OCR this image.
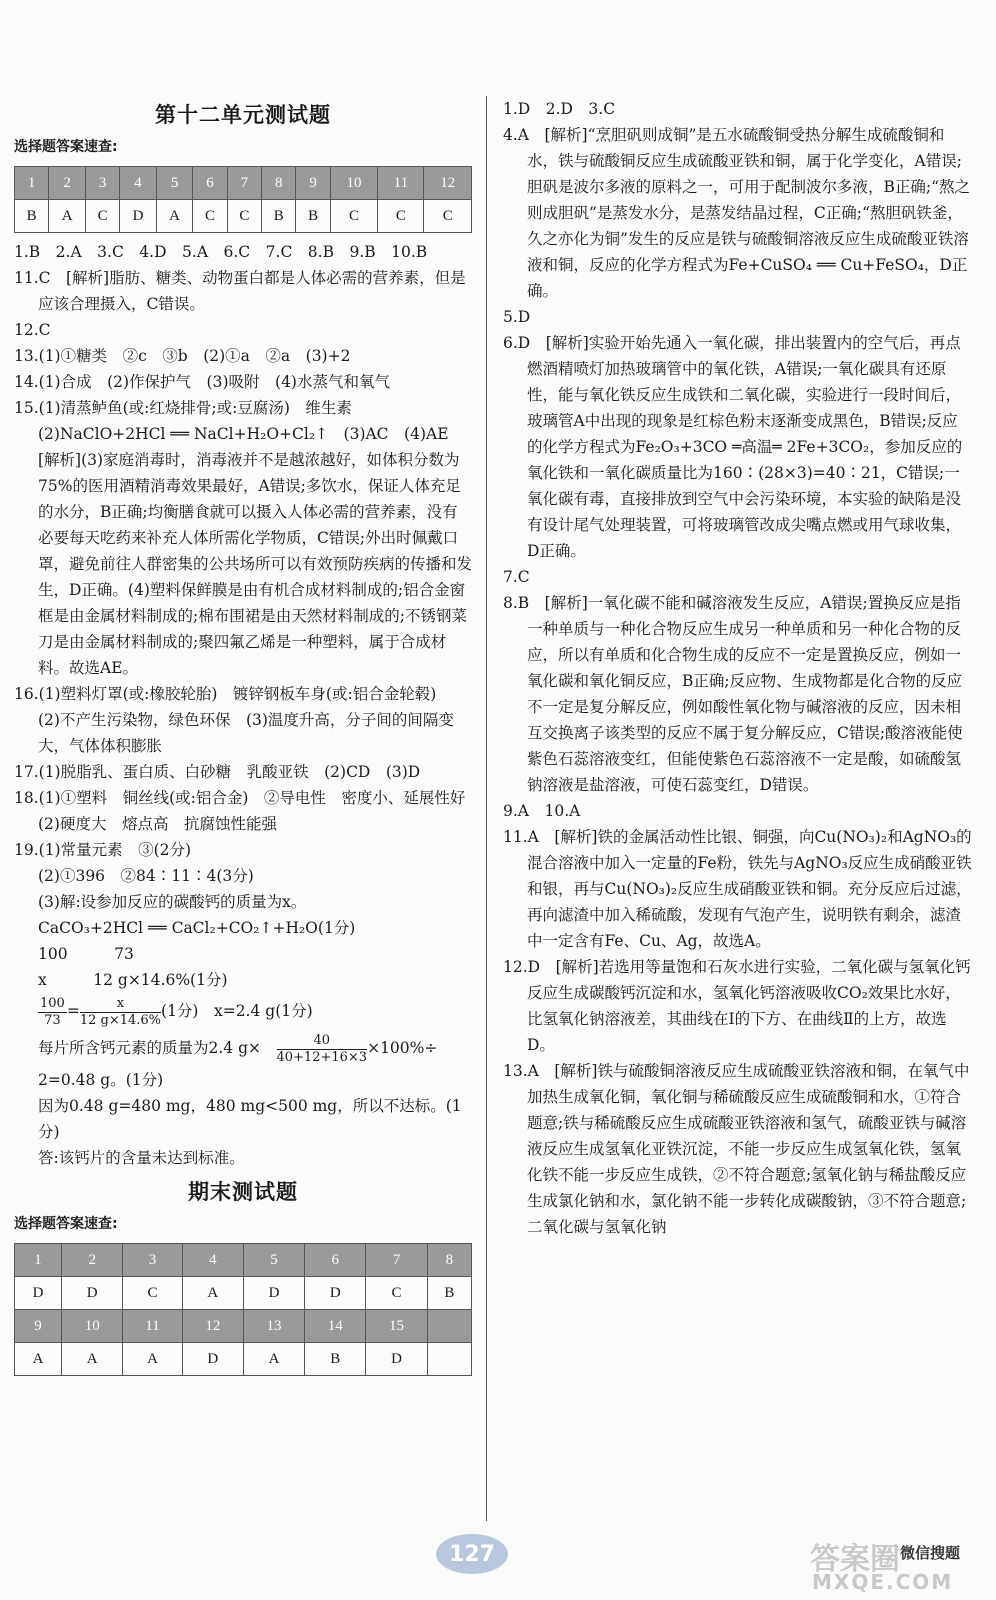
第十二单元测试题
选择题答案速查:
1	2	3	4	5	6	7	8	9	10	11	12
B	A	C	D	A	C	C	B	B	C	C	C

1.B　2.A　3.C　4.D　5.A　6.C　7.C　8.B　9.B　10.B

11.C　[解析]脂肪、糖类、动物蛋白都是人体必需的营养素，但是应该合理摄入，C错误。

12.C

13.(1)①糖类　②c　③b　(2)①a　②a　(3)+2

14.(1)合成　(2)作保护气　(3)吸附　(4)水蒸气和氧气

15.(1)清蒸鲈鱼(或:红烧排骨;或:豆腐汤)　维生素

(2)NaClO+2HCl ══ NaCl+H₂O+Cl₂↑　(3)AC　(4)AE

[解析](3)家庭消毒时，消毒液并不是越浓越好，如体积分数为75%的医用酒精消毒效果最好，A错误;多饮水，保证人体充足的水分，B正确;均衡膳食就可以摄入人体必需的营养素，没有必要每天吃药来补充人体所需化学物质，C错误;外出时佩戴口罩，避免前往人群密集的公共场所可以有效预防疾病的传播和发生，D正确。(4)塑料保鲜膜是由有机合成材料制成的;铝合金窗框是由金属材料制成的;棉布围裙是由天然材料制成的;不锈钢菜刀是由金属材料制成的;聚四氟乙烯是一种塑料，属于合成材料。故选AE。

16.(1)塑料灯罩(或:橡胶轮胎)　镀锌钢板车身(或:铝合金轮毂)　(2)不产生污染物，绿色环保　(3)温度升高，分子间的间隔变大，气体体积膨胀

17.(1)脱脂乳、蛋白质、白砂糖　乳酸亚铁　(2)CD　(3)D

18.(1)①塑料　铜丝线(或:铝合金)　②导电性　密度小、延展性好　(2)硬度大　熔点高　抗腐蚀性能强

19.(1)常量元素　③(2分)

(2)①396　②84∶11∶4(3分)

(3)解:设参加反应的碳酸钙的质量为x。

CaCO₃+2HCl ══ CaCl₂+CO₂↑+H₂O(1分)

100　　　73

x　　　12 g×14.6%(1分)

$\frac{100}{73} = \frac{x}{12 g\times 14.6\%} (1$分)　x=2.4 g(1分)

每片所含钙元素的质量为2.4 g×　 $\frac{40}{40+12+16\times 3} \times 100\%\div$

2=0.48 g。(1分)

因为0.48 g=480 mg，480 mg<500 mg，所以不达标。(1分)

答:该钙片的含量未达到标准。

期末测试题
选择题答案速查:
1	2	3	4	5	6	7	8
D	D	C	A	D	D	C	B
9	10	11	12	13	14	15	
A	A	A	D	A	B	D	

1.D　2.D　3.C

4.A　[解析]“烹胆矾则成铜”是五水硫酸铜受热分解生成硫酸铜和水，铁与硫酸铜反应生成硫酸亚铁和铜，属于化学变化，A错误;胆矾是波尔多液的原料之一，可用于配制波尔多液，B正确;“熬之则成胆矾”是蒸发水分，是蒸发结晶过程，C正确;“熬胆矾铁釜，久之亦化为铜”发生的反应是铁与硫酸铜溶液反应生成硫酸亚铁溶液和铜，反应的化学方程式为Fe+CuSO₄ ══ Cu+FeSO₄，D正确。

5.D

6.D　[解析]实验开始先通入一氧化碳，排出装置内的空气后，再点燃酒精喷灯加热玻璃管中的氧化铁，A错误;一氧化碳具有还原性，能与氧化铁反应生成铁和二氧化碳，实验进行一段时间后，玻璃管A中出现的现象是红棕色粉末逐渐变成黑色，B错误;反应的化学方程式为Fe₂O₃+3CO ═高温═ 2Fe+3CO₂，参加反应的氧化铁和一氧化碳质量比为160∶(28×3)=40∶21，C错误;一氧化碳有毒，直接排放到空气中会污染环境，本实验的缺陷是没有设计尾气处理装置，可将玻璃管改成尖嘴点燃或用气球收集，D正确。

7.C

8.B　[解析]一氧化碳不能和碱溶液发生反应，A错误;置换反应是指一种单质与一种化合物反应生成另一种单质和另一种化合物的反应，所以有单质和化合物生成的反应不一定是置换反应，例如一氧化碳和氧化铜反应，B正确;反应物、生成物都是化合物的反应不一定是复分解反应，例如酸性氧化物与碱溶液的反应，因未相互交换离子该类型的反应不属于复分解反应，C错误;酸溶液能使紫色石蕊溶液变红，但能使紫色石蕊溶液不一定是酸，如硫酸氢钠溶液是盐溶液，可使石蕊变红，D错误。

9.A　10.A

11.A　[解析]铁的金属活动性比银、铜强，向Cu(NO₃)₂和AgNO₃的混合溶液中加入一定量的Fe粉，铁先与AgNO₃反应生成硝酸亚铁和银，再与Cu(NO₃)₂反应生成硝酸亚铁和铜。充分反应后过滤，再向滤渣中加入稀硫酸，发现有气泡产生，说明铁有剩余，滤渣中一定含有Fe、Cu、Ag，故选A。

12.D　[解析]若选用等量饱和石灰水进行实验，二氧化碳与氢氧化钙反应生成碳酸钙沉淀和水，氢氧化钙溶液吸收CO₂效果比水好，比氢氧化钠溶液差，其曲线在Ⅰ的下方、在曲线Ⅱ的上方，故选D。

13.A　[解析]铁与硫酸铜溶液反应生成硫酸亚铁溶液和铜，在氧气中加热生成氧化铜，氧化铜与稀硫酸反应生成硫酸铜和水，①符合题意;铁与稀硫酸反应生成硫酸亚铁溶液和氢气，硫酸亚铁与碱溶液反应生成氢氧化亚铁沉淀，不能一步反应生成氢氧化铁，氢氧化铁不能一步反应生成铁，②不符合题意;氢氧化钠与稀盐酸反应生成氯化钠和水，氯化钠不能一步转化成碳酸钠，③不符合题意;二氧化碳与氢氧化钠

127	答案圈
MXQE.COM
微信搜题
